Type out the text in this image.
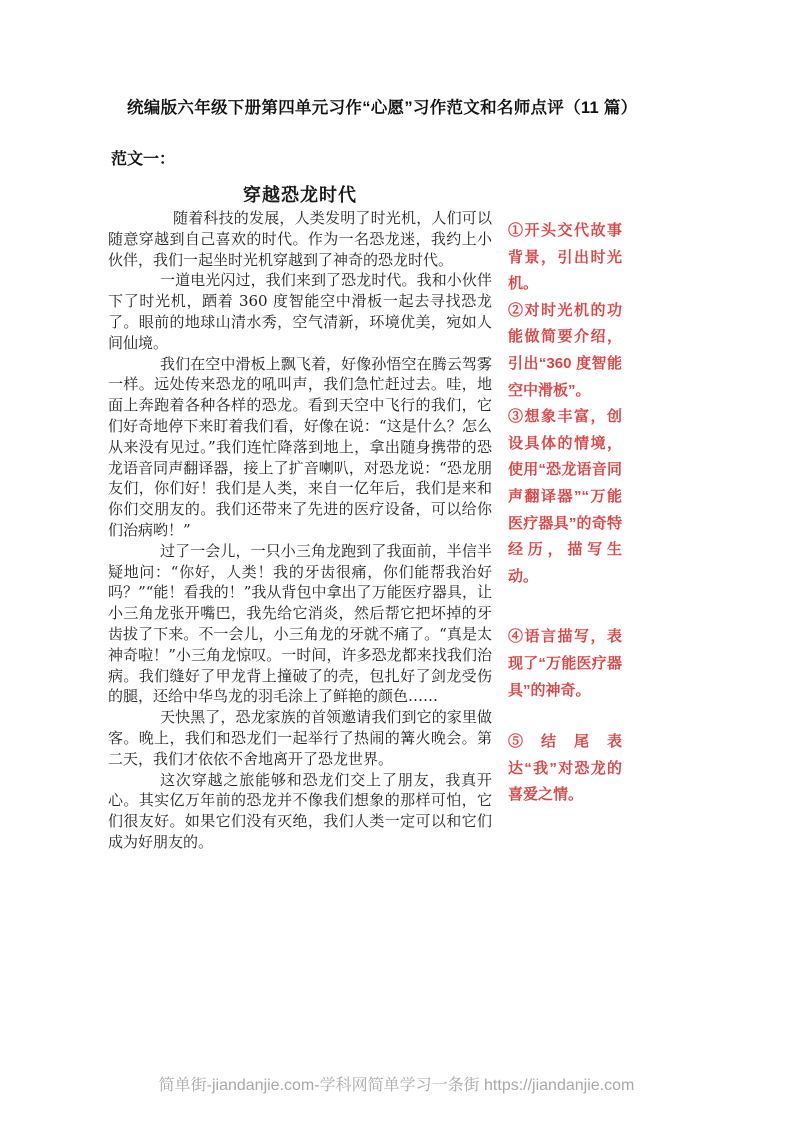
统编版六年级下册第四单元习作“心愿”习作范文和名师点评（11 篇）
范文一：
穿越恐龙时代

随着科技的发展，人类发明了时光机，人们可以随意穿越到自己喜欢的时代。作为一名恐龙迷，我约上小伙伴，我们一起坐时光机穿越到了神奇的恐龙时代。

一道电光闪过，我们来到了恐龙时代。我和小伙伴下了时光机，跴着 360 度智能空中滑板一起去寻找恐龙了。眼前的地球山清水秀，空气清新，环境优美，宛如人间仙境。

我们在空中滑板上飘飞着，好像孙悟空在腾云驾雾一样。远处传来恐龙的吼叫声，我们急忙赶过去。哇，地面上奔跑着各种各样的恐龙。看到天空中飞行的我们，它们好奇地停下来盯着我们看，好像在说：“这是什么？怎么从来没有见过。”我们连忙降落到地上，拿出随身携带的恐龙语音同声翻译器，接上了扩音喇叭，对恐龙说：“恐龙朋友们，你们好！我们是人类，来自一亿年后，我们是来和你们交朋友的。我们还带来了先进的医疗设备，可以给你们治病哟！”

过了一会儿，一只小三角龙跑到了我面前，半信半疑地问：“你好，人类！我的牙齿很痛，你们能帮我治好吗？”“能！看我的！”我从背包中拿出了万能医疗器具，让小三角龙张开嘴巴，我先给它消炎，然后帮它把坏掉的牙齿拔了下来。不一会儿，小三角龙的牙就不痛了。“真是太神奇啦！”小三角龙惊叹。一时间，许多恐龙都来找我们治病。我们缝好了甲龙背上撞破了的壳，包扎好了剑龙受伤的腿，还给中华鸟龙的羽毛涂上了鲜艳的颜色……

天快黑了，恐龙家族的首领邀请我们到它的家里做客。晚上，我们和恐龙们一起举行了热闹的篝火晚会。第二天，我们才依依不舍地离开了恐龙世界。

这次穿越之旅能够和恐龙们交上了朋友，我真开心。其实亿万年前的恐龙并不像我们想象的那样可怕，它们很友好。如果它们没有灭绝，我们人类一定可以和它们成为好朋友的。

①开头交代故事背景，引出时光机。

②对时光机的功能做简要介绍，引出“360 度智能空中滑板”。

③想象丰富，创设具体的情境，使用“恐龙语音同声翻译器”“万能医疗器具”的奇特经历，描写生动。

④语言描写，表现了“万能医疗器具”的神奇。

⑤结尾表达“我”对恐龙的喜爱之情。

简单街-jiandanjie.com-学科网简单学习一条街 https://jiandanjie.com
